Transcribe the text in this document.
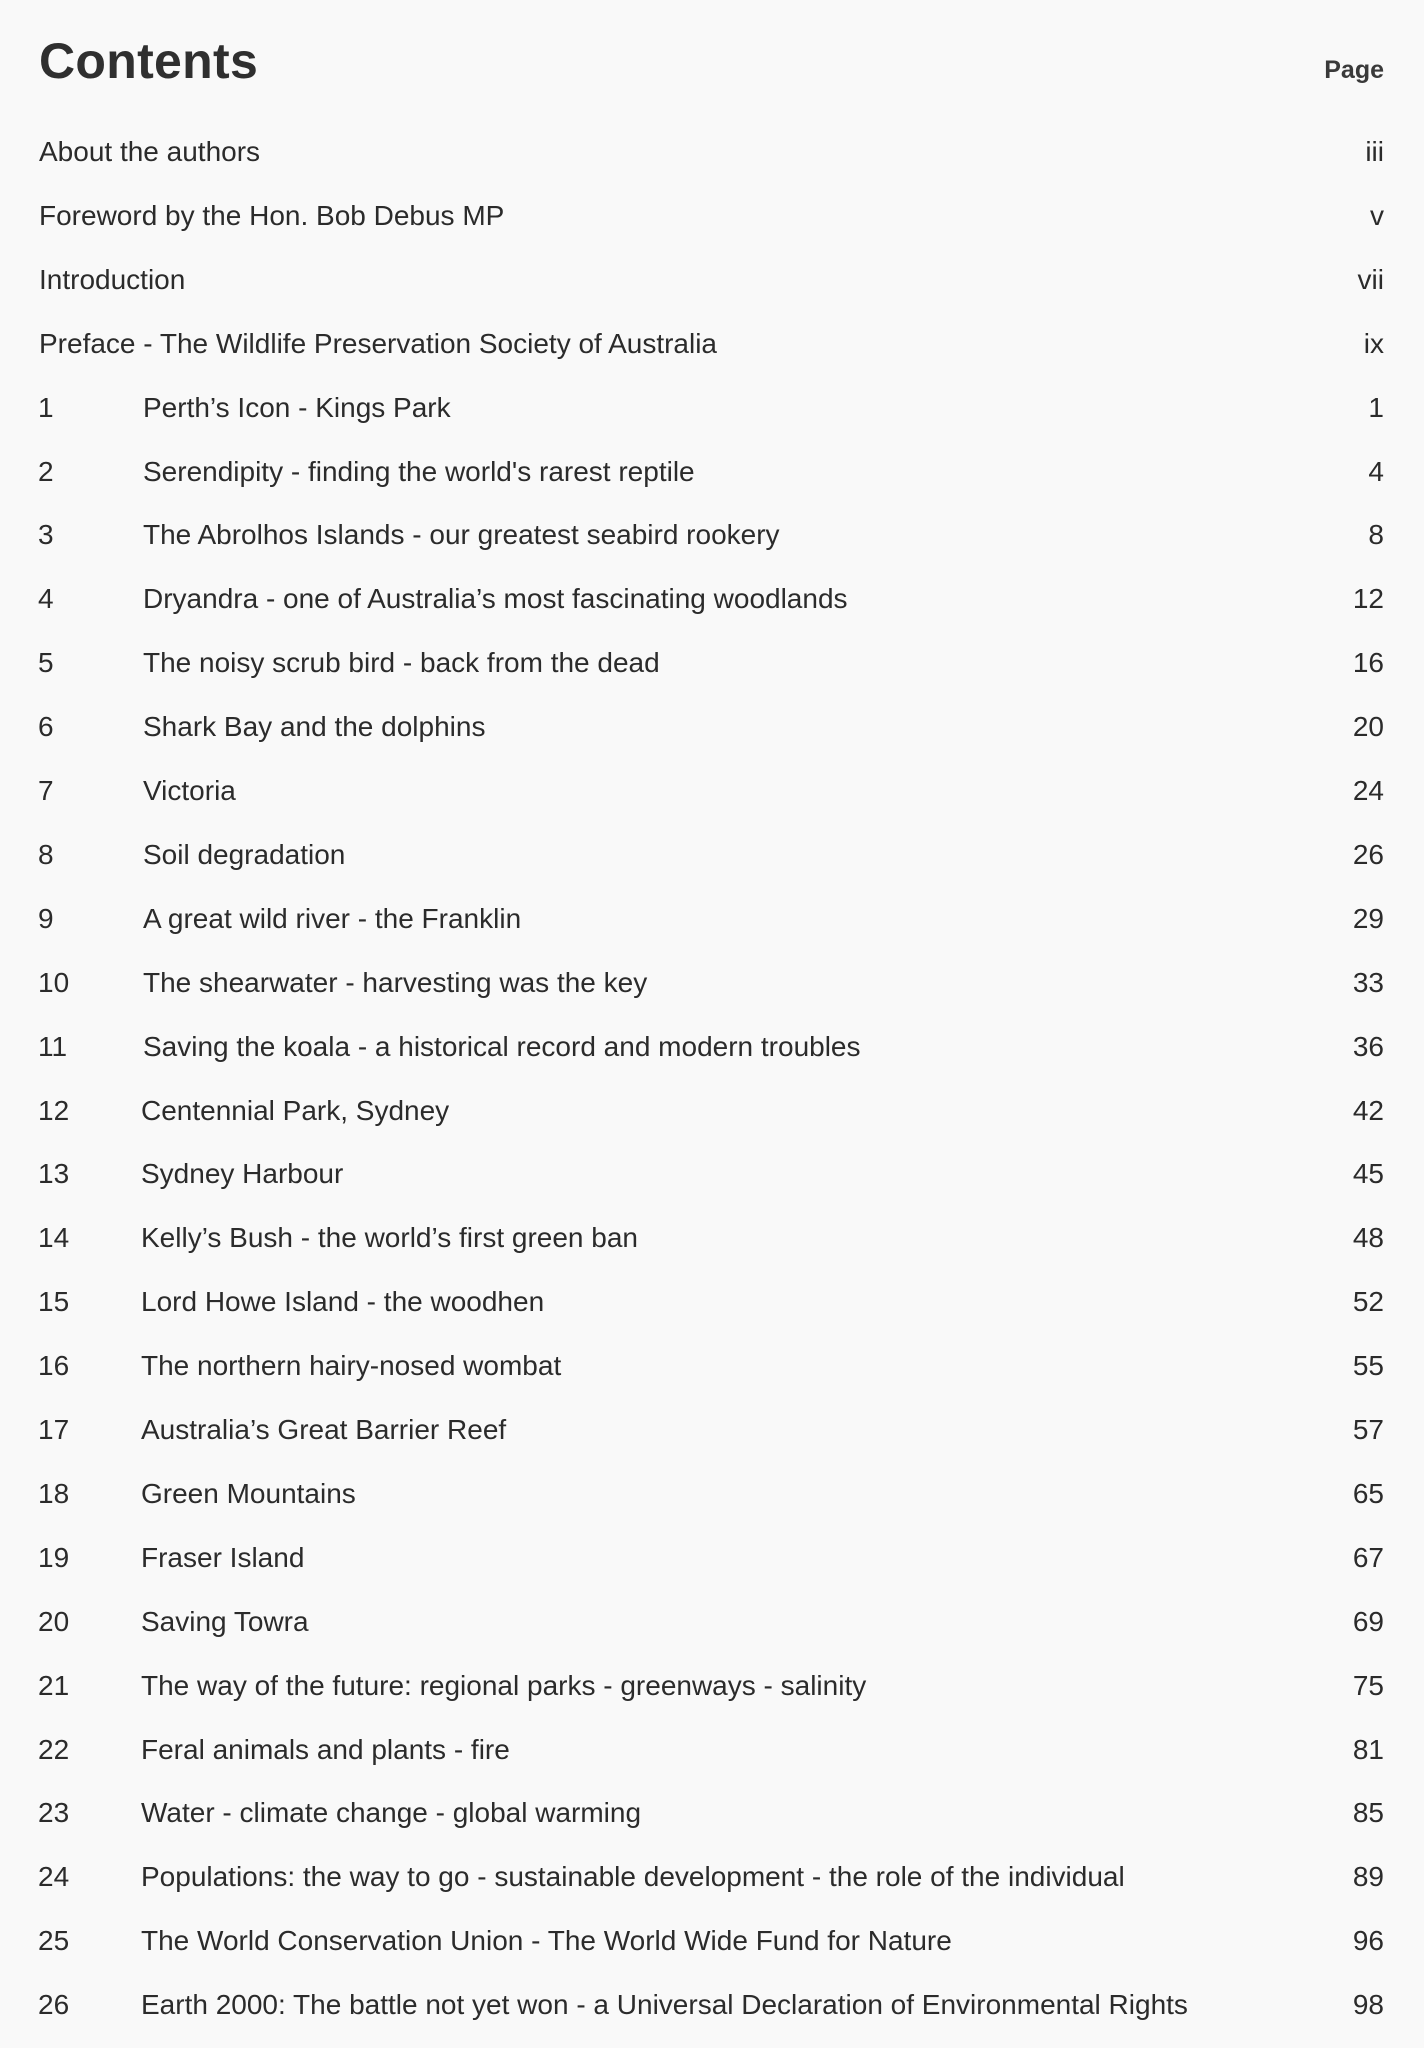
Contents	Page
About the authors	iii
Foreword by the Hon. Bob Debus MP	v
Introduction	vii
Preface - The Wildlife Preservation Society of Australia	ix
1	Perth’s Icon - Kings Park	1
2	Serendipity - finding the world's rarest reptile	4
3	The Abrolhos Islands - our greatest seabird rookery	8
4	Dryandra - one of Australia’s most fascinating woodlands	12
5	The noisy scrub bird - back from the dead	16
6	Shark Bay and the dolphins	20
7	Victoria	24
8	Soil degradation	26
9	A great wild river - the Franklin	29
10	The shearwater - harvesting was the key	33
11	Saving the koala - a historical record and modern troubles	36
12	Centennial Park, Sydney	42
13	Sydney Harbour	45
14	Kelly’s Bush - the world’s first green ban	48
15	Lord Howe Island - the woodhen	52
16	The northern hairy-nosed wombat	55
17	Australia’s Great Barrier Reef	57
18	Green Mountains	65
19	Fraser Island	67
20	Saving Towra	69
21	The way of the future: regional parks - greenways - salinity	75
22	Feral animals and plants - fire	81
23	Water - climate change - global warming	85
24	Populations: the way to go - sustainable development - the role of the individual	89
25	The World Conservation Union - The World Wide Fund for Nature	96
26	Earth 2000: The battle not yet won - a Universal Declaration of Environmental Rights	98
